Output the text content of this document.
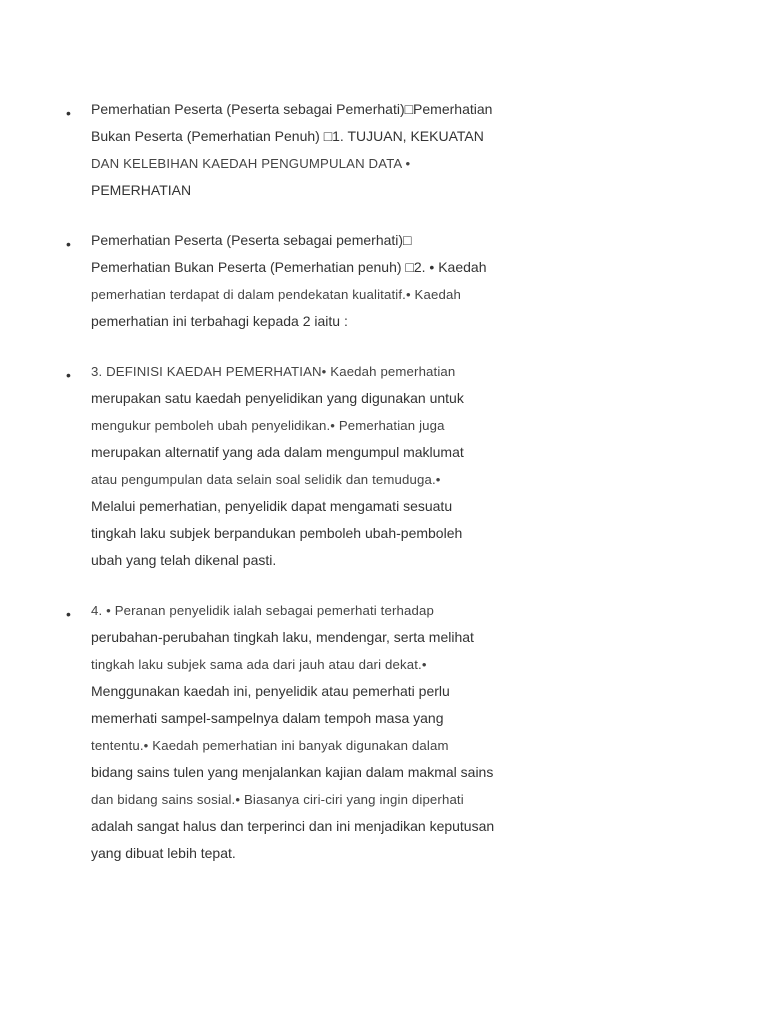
• Pemerhatian Peserta (Peserta sebagai Pemerhati)□Pemerhatian
Bukan Peserta (Pemerhatian Penuh) □1. TUJUAN, KEKUATAN
DAN KELEBIHAN KAEDAH PENGUMPULAN DATA •
PEMERHATIAN
• Pemerhatian Peserta (Peserta sebagai pemerhati)□
Pemerhatian Bukan Peserta (Pemerhatian penuh) □2. • Kaedah
pemerhatian terdapat di dalam pendekatan kualitatif.• Kaedah
pemerhatian ini terbahagi kepada 2 iaitu :
• 3. DEFINISI KAEDAH PEMERHATIAN• Kaedah pemerhatian
merupakan satu kaedah penyelidikan yang digunakan untuk
mengukur pemboleh ubah penyelidikan.• Pemerhatian juga
merupakan alternatif yang ada dalam mengumpul maklumat
atau pengumpulan data selain soal selidik dan temuduga.•
Melalui pemerhatian, penyelidik dapat mengamati sesuatu
tingkah laku subjek berpandukan pemboleh ubah-pemboleh
ubah yang telah dikenal pasti.
• 4. • Peranan penyelidik ialah sebagai pemerhati terhadap
perubahan-perubahan tingkah laku, mendengar, serta melihat
tingkah laku subjek sama ada dari jauh atau dari dekat.•
Menggunakan kaedah ini, penyelidik atau pemerhati perlu
memerhati sampel-sampelnya dalam tempoh masa yang
tententu.• Kaedah pemerhatian ini banyak digunakan dalam
bidang sains tulen yang menjalankan kajian dalam makmal sains
dan bidang sains sosial.• Biasanya ciri-ciri yang ingin diperhati
adalah sangat halus dan terperinci dan ini menjadikan keputusan
yang dibuat lebih tepat.
